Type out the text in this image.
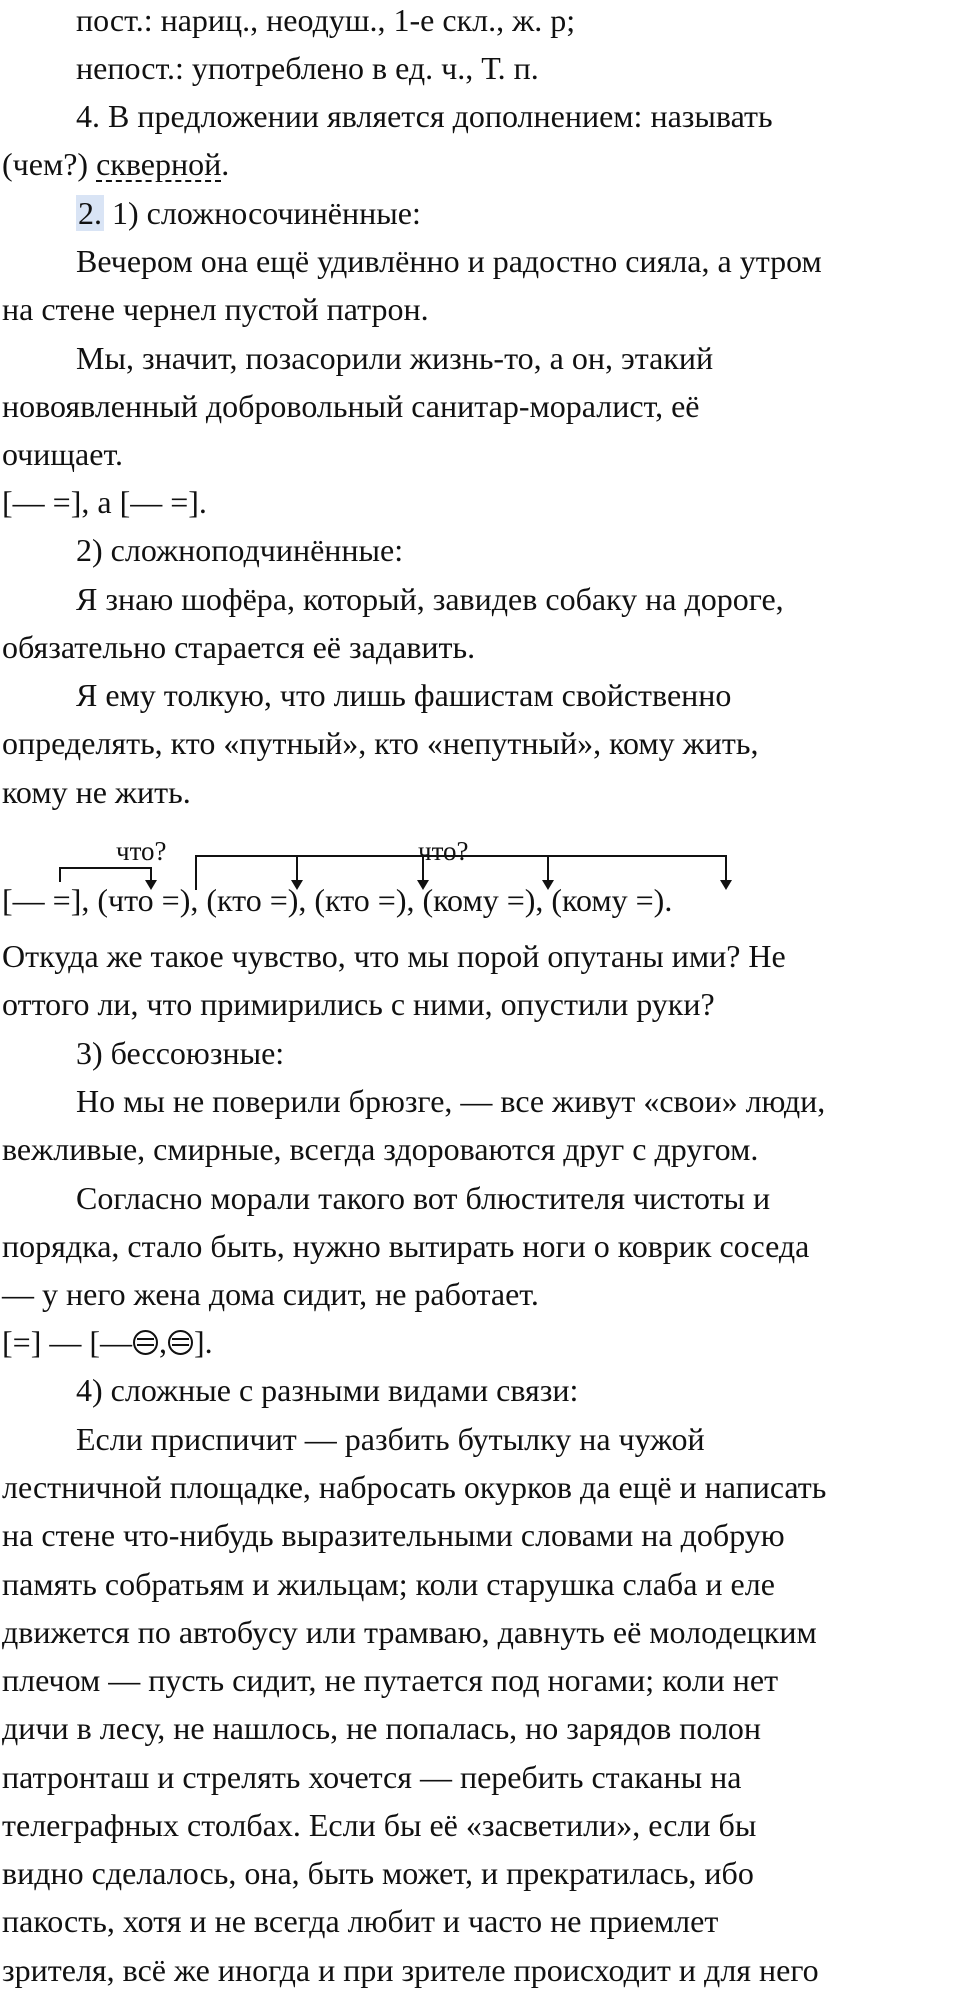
пост.: нариц., неодуш., 1-е скл., ж. р;
непост.: употреблено в ед. ч., Т. п.
4. В предложении является дополнением: называть
(чем?) скверной.
2. 1) сложносочинённые:
Вечером она ещё удивлённо и радостно сияла, а утром
на стене чернел пустой патрон.
Мы, значит, позасорили жизнь-то, а он, этакий
новоявленный добровольный санитар-моралист, её
очищает.
[— =], а [— =].
2) сложноподчинённые:
Я знаю шофёра, который, завидев собаку на дороге,
обязательно старается её задавить.
Я ему толкую, что лишь фашистам свойственно
определять, кто «путный», кто «непутный», кому жить,
кому не жить.
что?	что?
[— =], (что =), (кто =), (кто =), (кому =), (кому =).
Откуда же такое чувство, что мы порой опутаны ими? Не
оттого ли, что примирились с ними, опустили руки?
3) бессоюзные:
Но мы не поверили брюзге, — все живут «свои» люди,
вежливые, смирные, всегда здороваются друг с другом.
Согласно морали такого вот блюстителя чистоты и
порядка, стало быть, нужно вытирать ноги о коврик соседа
— у него жена дома сидит, не работает.
[=] — [— , ].
4) сложные с разными видами связи:
Если приспичит — разбить бутылку на чужой
лестничной площадке, набросать окурков да ещё и написать
на стене что-нибудь выразительными словами на добрую
память собратьям и жильцам; коли старушка слаба и еле
движется по автобусу или трамваю, давнуть её молодецким
плечом — пусть сидит, не путается под ногами; коли нет
дичи в лесу, не нашлось, не попалась, но зарядов полон
патронташ и стрелять хочется — перебить стаканы на
телеграфных столбах. Если бы её «засветили», если бы
видно сделалось, она, быть может, и прекратилась, ибо
пакость, хотя и не всегда любит и часто не приемлет
зрителя, всё же иногда и при зрителе происходит и для него
